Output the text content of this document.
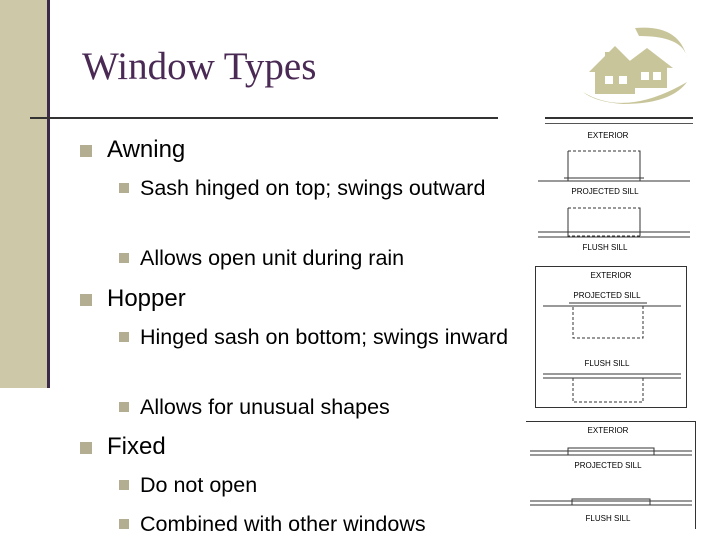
Window Types
Awning
Sash hinged on top; swings outward
Allows open unit during rain
Hopper
Hinged sash on bottom; swings inward
Allows for unusual shapes
Fixed
Do not open
Combined with other windows
EXTERIOR
PROJECTED SILL
FLUSH SILL
EXTERIOR
PROJECTED SILL
FLUSH SILL
EXTERIOR
PROJECTED SILL
FLUSH SILL
